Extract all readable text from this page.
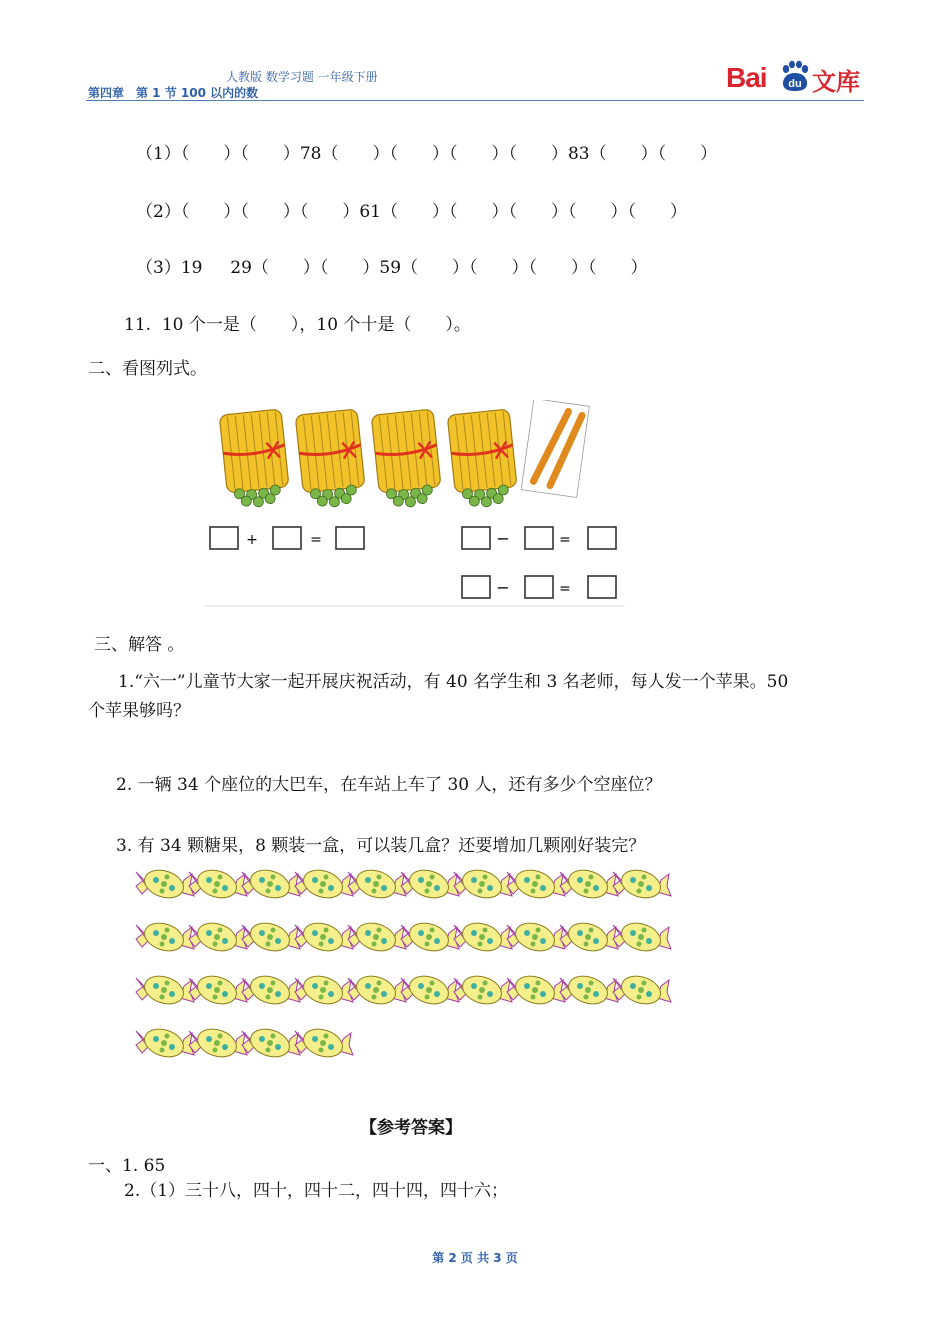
人教版 数学习题 一年级下册
第四章　第 1 节 100 以内的数	Bai du 文库
（1）（　　）（　　）78（　　）（　　）（　　）（　　）83（　　）（　　）
（2）（　　）（　　）（　　）61（　　）（　　）（　　）（　　）（　　）
（3）19　  29（　　）（　　）59（　　）（　　）（　　）（　　）
11.  10 个一是（　　），10 个十是（　　）。
二、看图列式。
+	=	−	=
−	=
三、解答 。
1.“六一”儿童节大家一起开展庆祝活动，有 40 名学生和 3 名老师，每人发一个苹果。50
个苹果够吗？
2. 一辆 34 个座位的大巴车，在车站上车了 30 人，还有多少个空座位？
3. 有 34 颗糖果，8 颗装一盒，可以装几盒？还要增加几颗刚好装完？
【参考答案】
一、1. 65
2.（1）三十八，四十，四十二，四十四，四十六；
第 2 页 共 3 页
